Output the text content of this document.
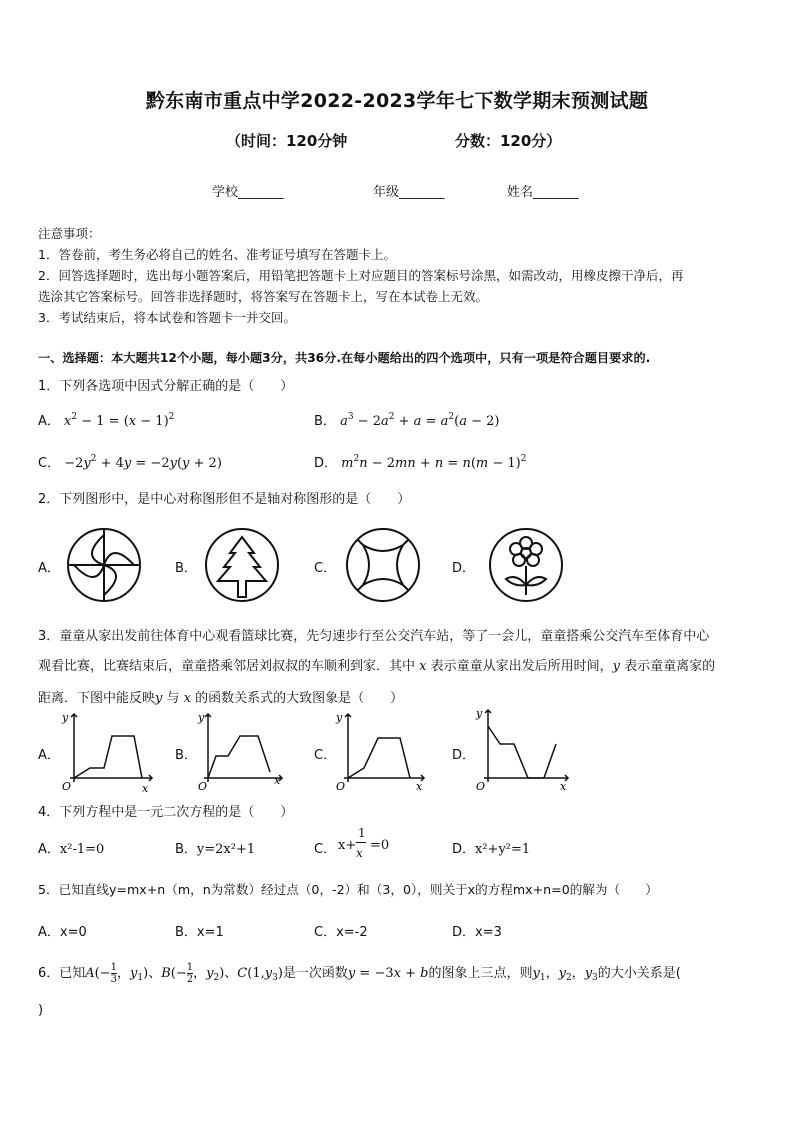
黔东南市重点中学2022-2023学年七下数学期末预测试题
（时间：120分钟	分数：120分）
学校_______	年级_______	姓名_______
注意事项：
1．答卷前，考生务必将自己的姓名、准考证号填写在答题卡上。
2．回答选择题时，选出每小题答案后，用铅笔把答题卡上对应题目的答案标号涂黑，如需改动，用橡皮擦干净后，再
选涂其它答案标号。回答非选择题时，将答案写在答题卡上，写在本试卷上无效。
3．考试结束后，将本试卷和答题卡一并交回。
一、选择题：本大题共12个小题，每小题3分，共36分.在每小题给出的四个选项中，只有一项是符合题目要求的.
1．下列各选项中因式分解正确的是（　　）
A． $x^2 - 1 = (x - 1)^2$	B． $a^3 - 2a^2 + a = a^2(a - 2)$
C． $-2y^2 + 4y = -2y(y + 2)$	D． $m^2n - 2mn + n = n(m - 1)^2$
2．下列图形中，是中心对称图形但不是轴对称图形的是（　　）
A．	B．	C．	D．
3．童童从家出发前往体育中心观看篮球比赛，先匀速步行至公交汽车站，等了一会儿，童童搭乘公交汽车至体育中心
观看比赛，比赛结束后，童童搭乘邻居刘叔叔的车顺利到家．其中 x 表示童童从家出发后所用时间，y 表示童童离家的
距离．下图中能反映y 与 x 的函数关系式的大致图象是（　　）
A．
y
x
O
B．
y
x
O
C．
y
x
O
D．
y
x
O
4．下列方程中是一元二次方程的是（　　）
A．x²-1=0	B．y=2x²+1	C． x+
1
x =0	D．x²+y²=1
5．已知直线y=mx+n（m，n为常数）经过点（0，-2）和（3，0），则关于x的方程mx+n=0的解为（　　）
A．x=0	B．x=1	C．x=-2	D．x=3
6．已知$A(- \frac{1}{3}$ ，$y_1$)、$B(- \frac{1}{2}$ ，$y_2$)、$C(1,y_3)$是一次函数y = −3x + b的图象上三点，则$y_1$，$y_2$，$y_3$的大小关系是(
)
